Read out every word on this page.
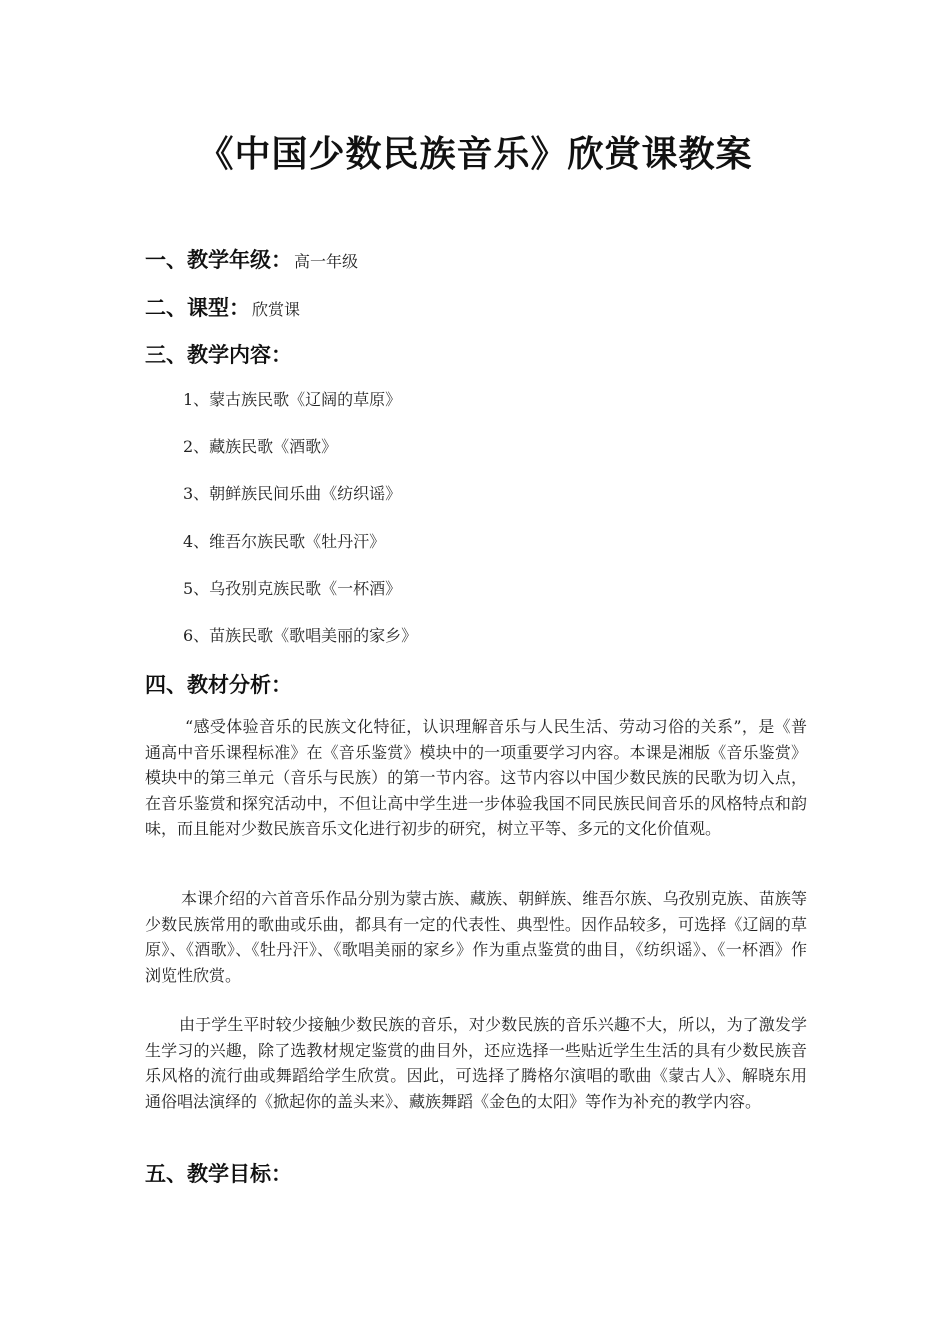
《中国少数民族音乐》欣赏课教案
一、教学年级： 高一年级
二、课型： 欣赏课
三、教学内容：
1、蒙古族民歌《辽阔的草原》
2、藏族民歌《酒歌》
3、朝鲜族民间乐曲《纺织谣》
4、维吾尔族民歌《牡丹汗》
5、乌孜别克族民歌《一杯酒》
6、苗族民歌《歌唱美丽的家乡》
四、教材分析：

“感受体验音乐的民族文化特征，认识理解音乐与人民生活、劳动习俗的关系”，是《普通高中音乐课程标准》在《音乐鉴赏》模块中的一项重要学习内容。本课是湘版《音乐鉴赏》模块中的第三单元（音乐与民族）的第一节内容。这节内容以中国少数民族的民歌为切入点，在音乐鉴赏和探究活动中，不但让高中学生进一步体验我国不同民族民间音乐的风格特点和韵味，而且能对少数民族音乐文化进行初步的研究，树立平等、多元的文化价值观。

本课介绍的六首音乐作品分别为蒙古族、藏族、朝鲜族、维吾尔族、乌孜别克族、苗族等少数民族常用的歌曲或乐曲，都具有一定的代表性、典型性。因作品较多，可选择《辽阔的草原》、《酒歌》、《牡丹汗》、《歌唱美丽的家乡》作为重点鉴赏的曲目，《纺织谣》、《一杯酒》作浏览性欣赏。

由于学生平时较少接触少数民族的音乐，对少数民族的音乐兴趣不大，所以，为了激发学生学习的兴趣，除了选教材规定鉴赏的曲目外，还应选择一些贴近学生生活的具有少数民族音乐风格的流行曲或舞蹈给学生欣赏。因此，可选择了腾格尔演唱的歌曲《蒙古人》、解晓东用通俗唱法演绎的《掀起你的盖头来》、藏族舞蹈《金色的太阳》等作为补充的教学内容。

五、教学目标：
